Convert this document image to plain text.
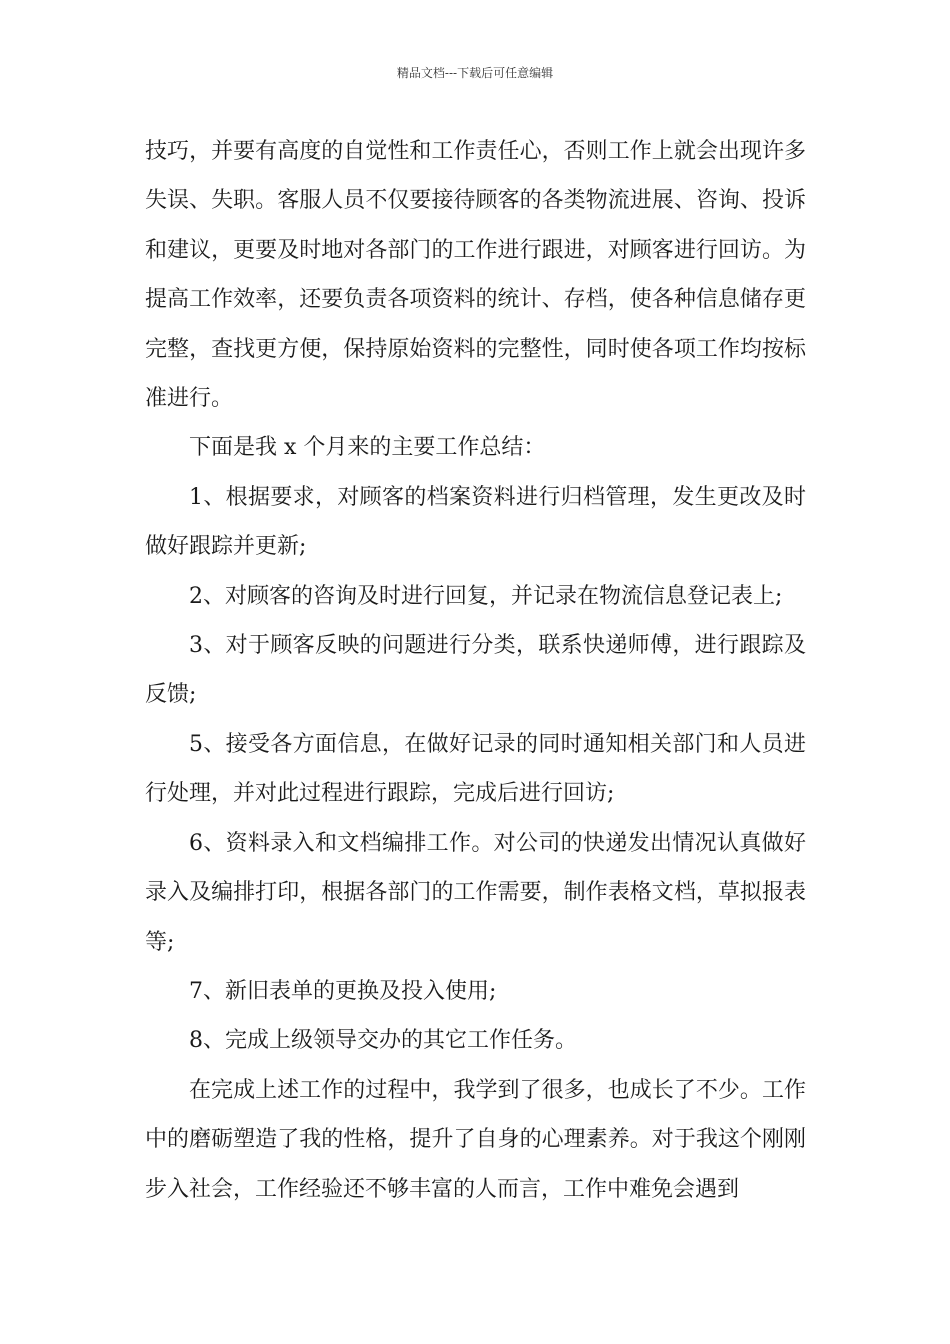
精品文档---下载后可任意编辑

技巧，并要有高度的自觉性和工作责任心，否则工作上就会出现许多失误、失职。客服人员不仅要接待顾客的各类物流进展、咨询、投诉和建议，更要及时地对各部门的工作进行跟进，对顾客进行回访。为提高工作效率，还要负责各项资料的统计、存档，使各种信息储存更完整，查找更方便，保持原始资料的完整性，同时使各项工作均按标准进行。

下面是我 x 个月来的主要工作总结：

1、根据要求，对顾客的档案资料进行归档管理，发生更改及时做好跟踪并更新;

2、对顾客的咨询及时进行回复，并记录在物流信息登记表上;

3、对于顾客反映的问题进行分类，联系快递师傅，进行跟踪及反馈;

5、接受各方面信息，在做好记录的同时通知相关部门和人员进行处理，并对此过程进行跟踪，完成后进行回访;

6、资料录入和文档编排工作。对公司的快递发出情况认真做好录入及编排打印，根据各部门的工作需要，制作表格文档，草拟报表等;

7、新旧表单的更换及投入使用;

8、完成上级领导交办的其它工作任务。

在完成上述工作的过程中，我学到了很多，也成长了不少。工作中的磨砺塑造了我的性格，提升了自身的心理素养。对于我这个刚刚步入社会，工作经验还不够丰富的人而言，工作中难免会遇到
